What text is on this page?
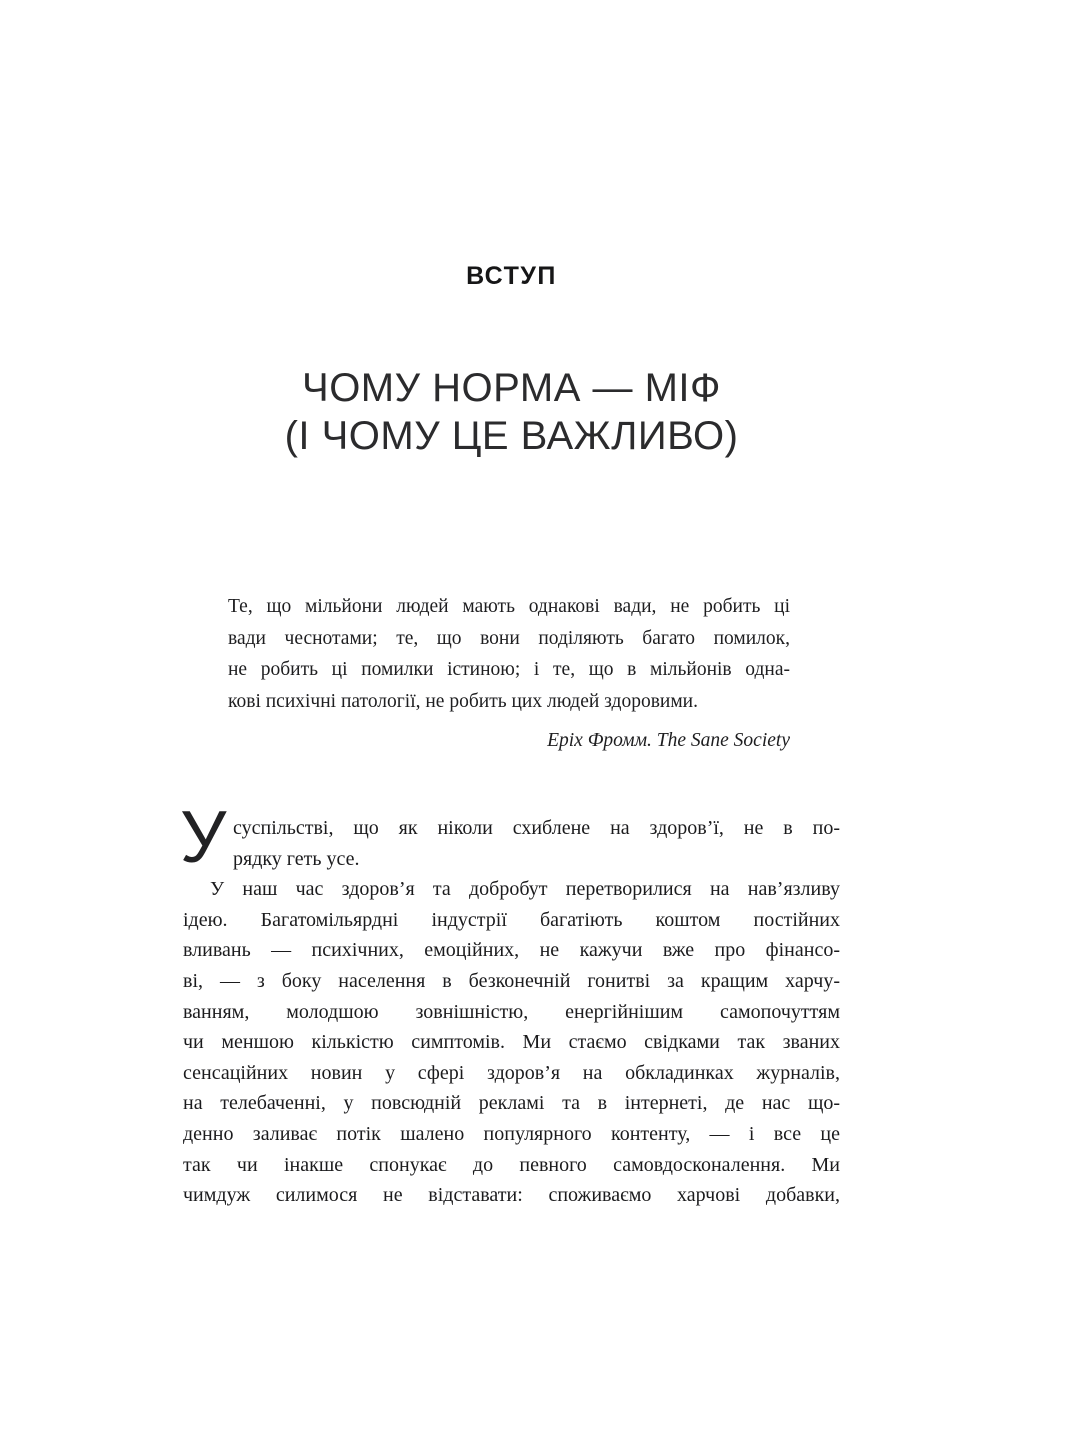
ВСТУП
ЧОМУ НОРМА — МІФ
(І ЧОМУ ЦЕ ВАЖЛИВО)
Те, що мільйони людей мають однакові вади, не робить ці
вади чеснотами; те, що вони поділяють багато помилок,
не робить ці помилки істиною; і те, що в мільйонів одна-
кові психічні патології, не робить цих людей здоровими.
Еріх Фромм. The Sane Society
У суспільстві, що як ніколи схиблене на здоров’ї, не в по-
рядку геть усе.
У наш час здоров’я та добробут перетворилися на нав’язливу
ідею. Багатомільярдні індустрії багатіють коштом постійних
вливань — психічних, емоційних, не кажучи вже про фінансо-
ві, — з боку населення в безконечній гонитві за кращим харчу-
ванням, молодшою зовнішністю, енергійнішим самопочуттям
чи меншою кількістю симптомів. Ми стаємо свідками так званих
сенсаційних новин у сфері здоров’я на обкладинках журналів,
на телебаченні, у повсюдній рекламі та в інтернеті, де нас що-
денно заливає потік шалено популярного контенту, — і все це
так чи інакше спонукає до певного самовдосконалення. Ми
чимдуж силимося не відставати: споживаємо харчові добавки,
